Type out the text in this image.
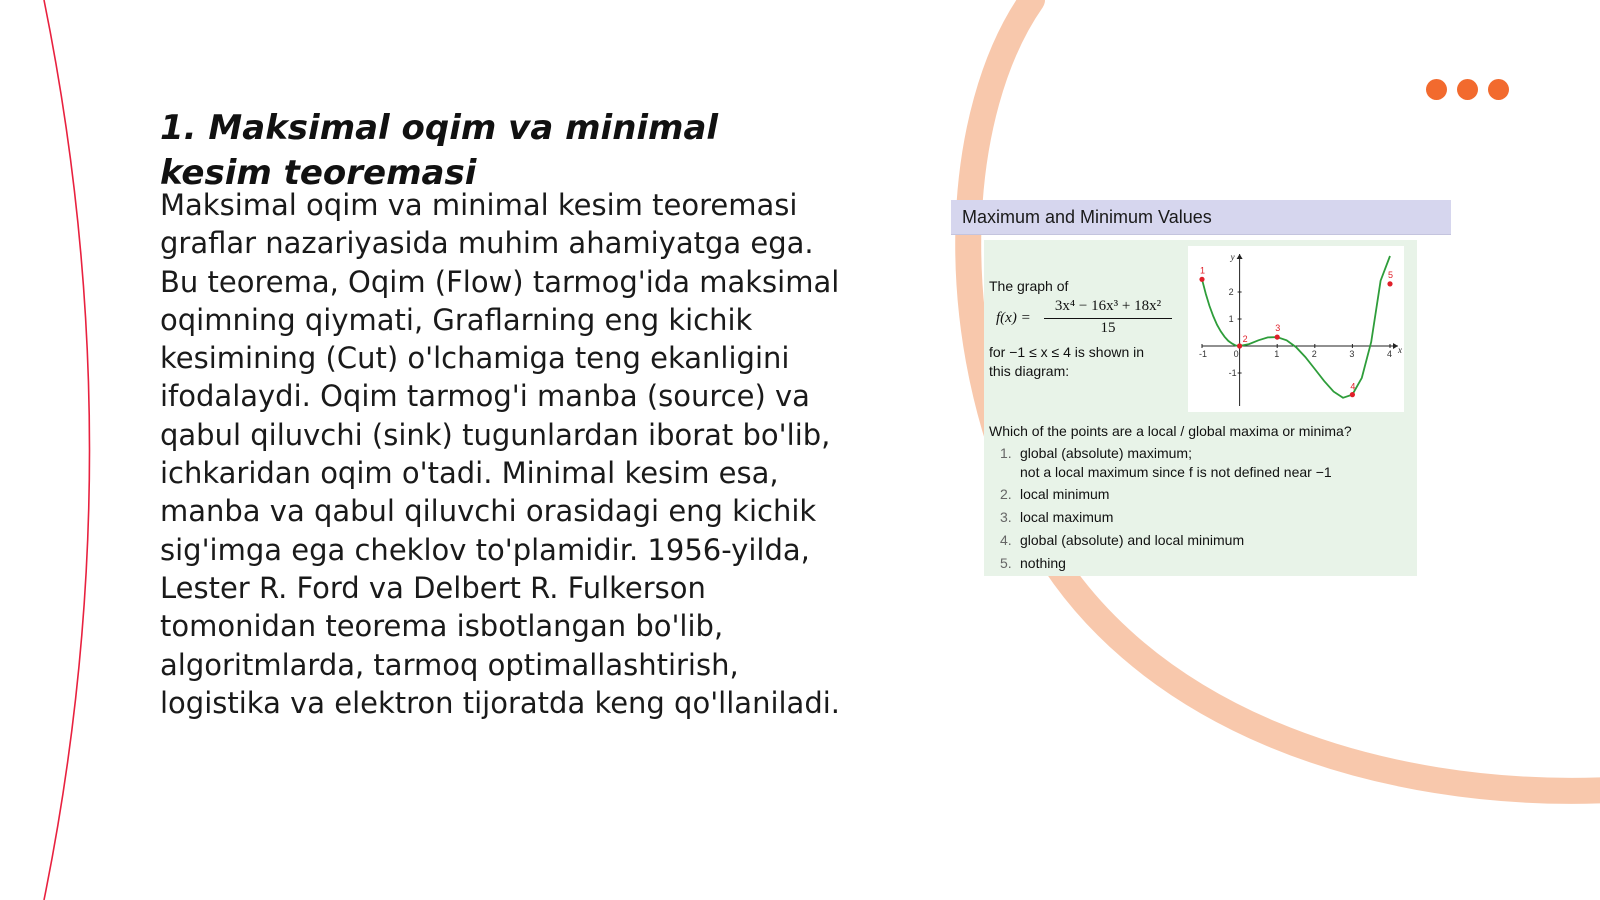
1. Maksimal oqim va minimal kesim teoremasi

Maksimal oqim va minimal kesim teoremasi graflar nazariyasida muhim ahamiyatga ega. Bu teorema, Oqim (Flow) tarmog'ida maksimal oqimning qiymati, Graflarning eng kichik kesimining (Cut) o'lchamiga teng ekanligini ifodalaydi. Oqim tarmog'i manba (source) va qabul qiluvchi (sink) tugunlardan iborat bo'lib, ichkaridan oqim o'tadi. Minimal kesim esa, manba va qabul qiluvchi orasidagi eng kichik sig'imga ega cheklov to'plamidir. 1956-yilda, Lester R. Ford va Delbert R. Fulkerson tomonidan teorema isbotlangan bo'lib, algoritmlarda, tarmoq optimallashtirish, logistika va elektron tijoratda keng qo'llaniladi.

Maximum and Minimum Values
The graph of
f(x) =
3x⁴ − 16x³ + 18x²
15
for −1 ≤ x ≤ 4 is shown in
this diagram:
x
y
-1	0	1	2	3	4
-1
1
2
1
2
3
4
5
Which of the points are a local / global maxima or minima?
1. global (absolute) maximum;
not a local maximum since f is not defined near −1
2. local minimum
3. local maximum
4. global (absolute) and local minimum
5. nothing
